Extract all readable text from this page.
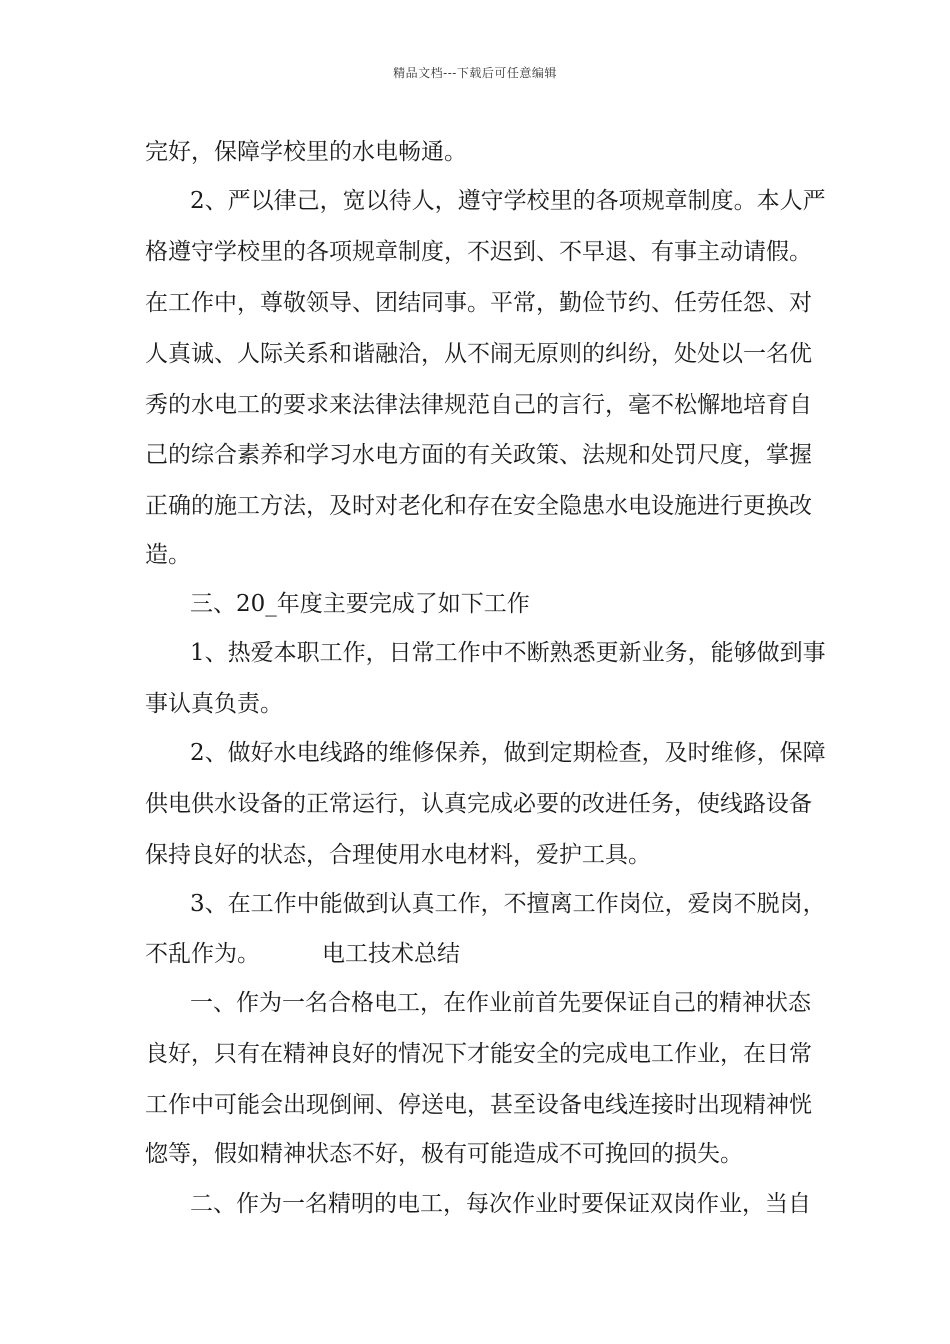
精品文档---下载后可任意编辑
完好，保障学校里的水电畅通。
2、严以律己，宽以待人，遵守学校里的各项规章制度。本人严
格遵守学校里的各项规章制度，不迟到、不早退、有事主动请假。
在工作中，尊敬领导、团结同事。平常，勤俭节约、任劳任怨、对
人真诚、人际关系和谐融洽，从不闹无原则的纠纷，处处以一名优
秀的水电工的要求来法律法律规范自己的言行，毫不松懈地培育自
己的综合素养和学习水电方面的有关政策、法规和处罚尺度，掌握
正确的施工方法，及时对老化和存在安全隐患水电设施进行更换改
造。
三、20_年度主要完成了如下工作
1、热爱本职工作，日常工作中不断熟悉更新业务，能够做到事
事认真负责。
2、做好水电线路的维修保养，做到定期检查，及时维修，保障
供电供水设备的正常运行，认真完成必要的改进任务，使线路设备
保持良好的状态，合理使用水电材料，爱护工具。
3、在工作中能做到认真工作，不擅离工作岗位，爱岗不脱岗，
不乱作为。	电工技术总结
一、作为一名合格电工，在作业前首先要保证自己的精神状态
良好，只有在精神良好的情况下才能安全的完成电工作业，在日常
工作中可能会出现倒闸、停送电，甚至设备电线连接时出现精神恍
惚等，假如精神状态不好，极有可能造成不可挽回的损失。
二、作为一名精明的电工，每次作业时要保证双岗作业，当自
